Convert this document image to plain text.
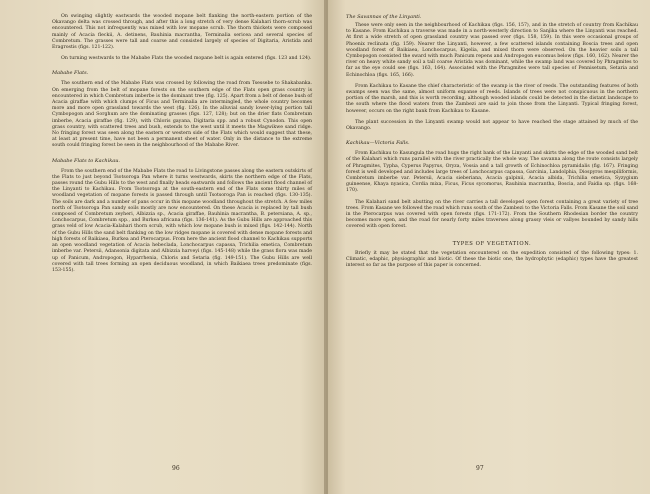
On swinging slightly eastwards the wooded mopane belt flanking the north-eastern portion of the Okavango delta was crossed through, and after this a long stretch of very dense Kalahari thorn-scrub was encountered. This not infrequently was mixed with low mopane scrub. The thorn thickets were composed mainly of Acacia fleckii, A. detinens, Bauhinia macrantha, Terminalia sericea and several species of Combretum. The grasses were tall and coarse and consisted largely of species of Digitaria, Aristida and Eragrostis (figs. 121-122).

On turning westwards to the Mababe Flats the wooded mopane belt is again entered (figs. 123 and 124).

Mababe Flats.

The southern end of the Mababe Flats was crossed by following the road from Tsessebe to Shakabanka. On emerging from the belt of mopane forests on the southern edge of the Flats open grass country is encountered in which Combretum imberbe is the dominant tree (fig. 125). Apart from a belt of dense bush of Acacia giraffae with which clumps of Ficus and Terminalia are intermingled, the whole country becomes more and more open grassland towards the west (fig. 126). In the alluvial sandy lower-lying portion tall Cymbopogon and Sorghum are the dominating grasses (figs. 127, 128); but on the drier flats Combretum imberbe, Acacia giraffae (fig. 129), with Chloris gayana, Digitaria spp. and a robust Cynodon. This open grass country, with scattered trees and bush, extends to the west until it meets the Magwikwe sand ridge. No fringing forest was seen along the eastern or western side of the Flats which would suggest that these, at least at present time, have not been a permanent sheet of water. Only in the distance to the extreme south could fringing forest be seen in the neighbourhood of the Mababe River.

Mababe Flats to Kachikau.

From the southern end of the Mababe Flats the road to Livingstone passes along the eastern outskirts of the Flats to just beyond Tsotsoroga Pan where it turns westwards, skirts the northern edge of the Flats, passes round the Gubu Hills to the west and finally heads eastwards and follows the ancient flood channel of the Linyanti to Kachikau. From Tsotsoroga at the south-eastern end of the Flats some thirty miles of woodland vegetation of mopane forests is passed through until Tsotsoroga Pan is reached (figs. 130-135). The soils are dark and a number of pans occur in this mopane woodland throughout the stretch. A few miles north of Tsotsoroga Pan sandy soils mostly are now encountered. On these Acacia is replaced by tall bush composed of Combretum zeyheri, Albizzia sp., Acacia giraffae, Bauhinia macrantha, B. petersiana, A. sp., Lonchocarpus, Combretum spp., and Burkea africana (figs. 136-141). As the Gubu Hills are approached this grass veld of low Acacia-Kalahari thorn scrub, with which low mopane bush is mixed (figs. 142-144). North of the Gubu Hills the sand belt flanking on the low ridges mopane is covered with dense mopane forests and high forests of Baikiaea, Burkea and Pterocarpus. From here the ancient flood channel to Kachikau supports an open woodland vegetation of Acacia hebeclada, Lonchocarpus capassa, Trichilia emetica, Combretum imberbe var. Petersii, Adansonia digitata and Albizzia harveyi (figs. 145-148) while the grass flora was made up of Panicum, Andropogon, Hyparrhenia, Chloris and Setaria (fig. 149-151). The Gubu Hills are well covered with tall trees forming an open deciduous woodland, in which Baikiaea trees predominate (figs. 153-155).

96
The Savannas of the Linyanti.

These were only seen in the neighbourhood of Kachikau (figs. 156, 157), and in the stretch of country from Kachikau to Kasane. From Kachikau a traverse was made in a north-westerly direction to Sanjika where the Linyanti was reached. At first a wide stretch of open grassland country was passed over (figs. 158, 159). In this were occasional groups of Phoenix reclinata (fig. 159). Nearer the Linyanti, however, a few scattered islands containing Boscia trees and open woodland forest of Baikiaea, Lonchocarpus, Kigelia, and mixed thorn were observed. On the heavier soils a tall Cymbopogon coexisted the sward with much Panicum repens and Andropogon eucomus below (figs. 160, 162). Nearer the river on heavy white sandy soil a tall coarse Aristida was dominant, while the swamp land was covered by Phragmites to far as the eye could see (figs. 163, 164). Associated with the Phragmites were tall species of Pennisetum, Setaria and Echinochloa (figs. 165, 166).

From Kachikau to Kasane the chief characteristic of the swamp is the river of reeds. The outstanding features of both swamps seen was the same, almost uniform expanse of reeds. Islands of trees were not conspicuous in the northern portion of the marsh, and this is worth recording, although wooded islands could be detected in the distant landscape to the south where the flood waters from the Zambezi are said to join those from the Linyanti. Typical fringing forest, however, occurs on the right bank from Kachikau to Kasane.

The plant succession in the Linyanti swamp would not appear to have reached the stage attained by much of the Okavango.

Kachikau—Victoria Falls.

From Kachikau to Kasungula the road hugs the right bank of the Linyanti and skirts the edge of the wooded sand belt of the Kalahari which runs parallel with the river practically the whole way. The savanna along the route consists largely of Phragmites, Typha, Cyperus Papyrus, Oryza, Vossia and a tall growth of Echinochloa pyramidalis (fig. 167). Fringing forest is well developed and includes large trees of Lonchocarpus capassa, Garcinia, Landolphia, Diospyros mespiliformis, Combretum imberbe var. Petersii, Acacia sieberiana, Acacia galpinii, Acacia albida, Trichilia emetica, Syzygium guineense, Khaya nyasica, Cordia mixa, Ficus, Ficus sycomorus, Rauhinia macrantha, Boscia, and Faidia sp. (figs. 168-170).

The Kalahari sand belt abutting on the river carries a tall developed open forest containing a great variety of tree trees. From Kasane we followed the road which runs south of the Zambezi to the Victoria Falls. From Kasane the soil sand in the Pterocarpus was covered with open forests (figs. 171-172). From the Southern Rhodesian border the country becomes more open, and the road for nearly forty miles traverses along grassy vleis or vallyes bounded by sandy hills covered with open forest.

TYPES OF VEGETATION.

Briefly it may be stated that the vegetation encountered on the expedition consisted of the following types: 1. Climatic, edaphic, physiographic and biotic. Of these the biotic one, the hydrophytic (edaphic) types have the greatest interest so far as the purpose of this paper is concerned.

97
